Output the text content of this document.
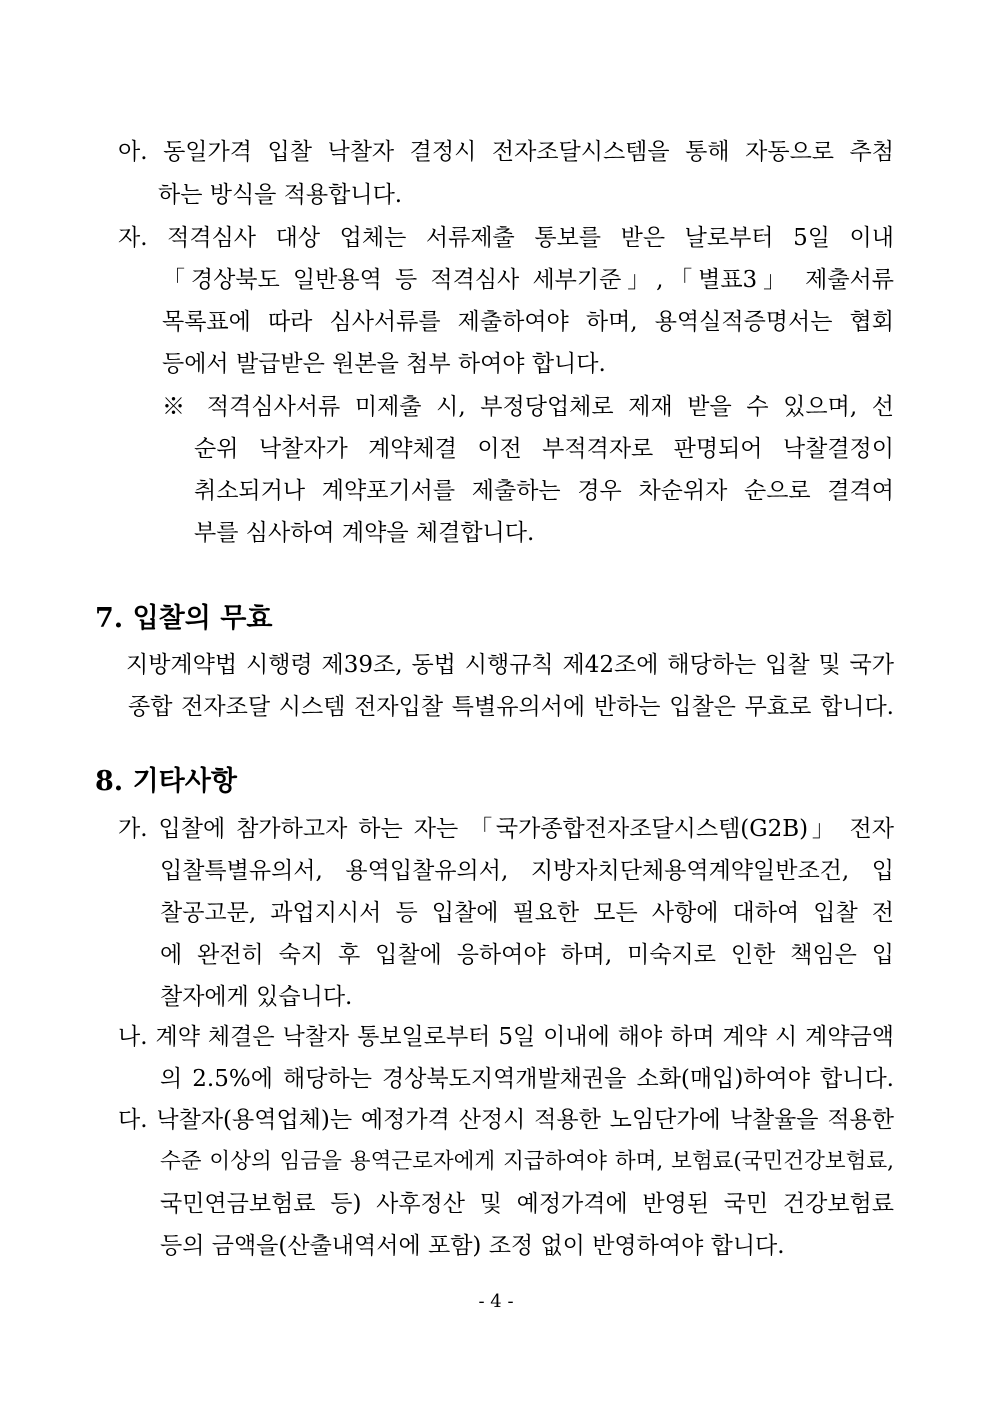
아. 동일가격 입찰 낙찰자 결정시 전자조달시스템을 통해 자동으로 추첨
하는 방식을 적용합니다.
자. 적격심사 대상 업체는 서류제출 통보를 받은 날로부터 5일 이내
「경상북도 일반용역 등 적격심사 세부기준」,「별표3」 제출서류
목록표에 따라 심사서류를 제출하여야 하며, 용역실적증명서는 협회
등에서 발급받은 원본을 첨부 하여야 합니다.
※ 적격심사서류 미제출 시, 부정당업체로 제재 받을 수 있으며, 선
순위 낙찰자가 계약체결 이전 부적격자로 판명되어 낙찰결정이
취소되거나 계약포기서를 제출하는 경우 차순위자 순으로 결격여
부를 심사하여 계약을 체결합니다.
7. 입찰의 무효
지방계약법 시행령 제39조, 동법 시행규칙 제42조에 해당하는 입찰 및 국가
종합 전자조달 시스템 전자입찰 특별유의서에 반하는 입찰은 무효로 합니다.
8. 기타사항
가. 입찰에 참가하고자 하는 자는 「국가종합전자조달시스템(G2B)」 전자
입찰특별유의서, 용역입찰유의서, 지방자치단체용역계약일반조건, 입
찰공고문, 과업지시서 등 입찰에 필요한 모든 사항에 대하여 입찰 전
에 완전히 숙지 후 입찰에 응하여야 하며, 미숙지로 인한 책임은 입
찰자에게 있습니다.
나. 계약 체결은 낙찰자 통보일로부터 5일 이내에 해야 하며 계약 시 계약금액
의 2.5%에 해당하는 경상북도지역개발채권을 소화(매입)하여야 합니다.
다. 낙찰자(용역업체)는 예정가격 산정시 적용한 노임단가에 낙찰율을 적용한
수준 이상의 임금을 용역근로자에게 지급하여야 하며, 보험료(국민건강보험료,
국민연금보험료 등) 사후정산 및 예정가격에 반영된 국민 건강보험료
등의 금액을(산출내역서에 포함) 조정 없이 반영하여야 합니다.
- 4 -
